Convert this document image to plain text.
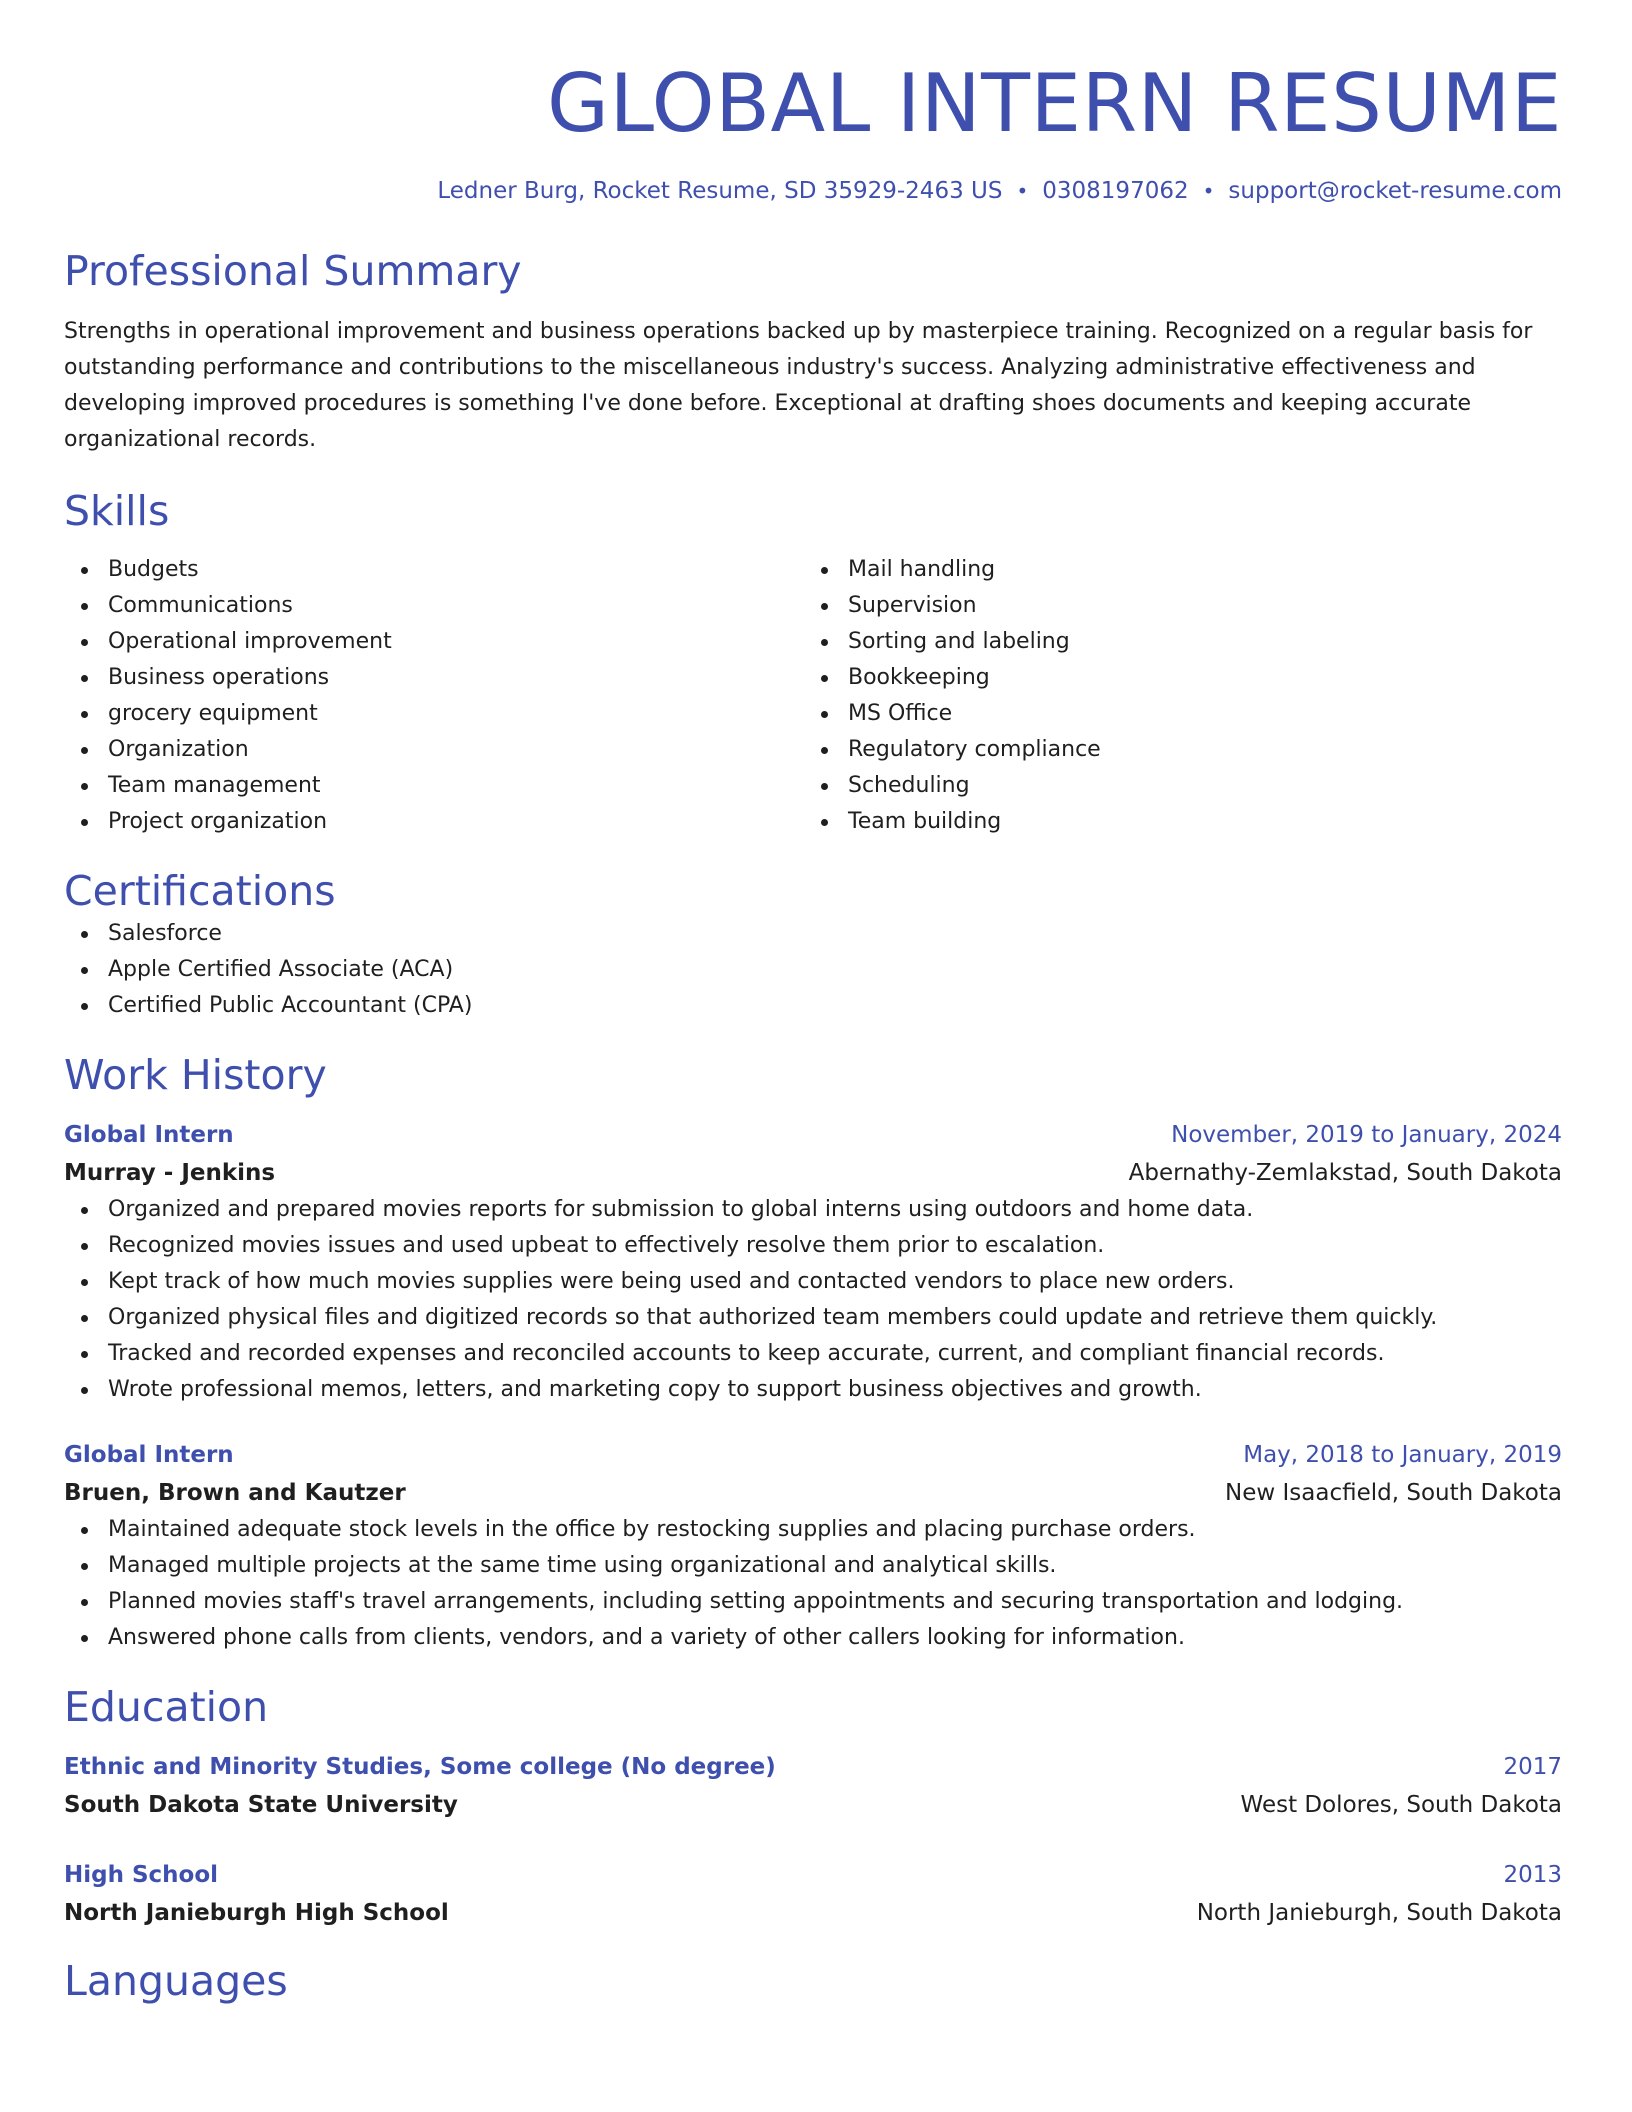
GLOBAL INTERN RESUME
Ledner Burg, Rocket Resume, SD 35929-2463 US • 0308197062 • support@rocket-resume.com
Professional Summary
Strengths in operational improvement and business operations backed up by masterpiece training. Recognized on a regular basis for outstanding performance and contributions to the miscellaneous industry's success. Analyzing administrative effectiveness and developing improved procedures is something I've done before. Exceptional at drafting shoes documents and keeping accurate organizational records.
Skills
Budgets
Communications
Operational improvement
Business operations
grocery equipment
Organization
Team management
Project organization
Mail handling
Supervision
Sorting and labeling
Bookkeeping
MS Office
Regulatory compliance
Scheduling
Team building
Certifications
Salesforce
Apple Certified Associate (ACA)
Certified Public Accountant (CPA)
Work History
Global Intern	November, 2019 to January, 2024
Murray - Jenkins	Abernathy-Zemlakstad, South Dakota
Organized and prepared movies reports for submission to global interns using outdoors and home data.
Recognized movies issues and used upbeat to effectively resolve them prior to escalation.
Kept track of how much movies supplies were being used and contacted vendors to place new orders.
Organized physical files and digitized records so that authorized team members could update and retrieve them quickly.
Tracked and recorded expenses and reconciled accounts to keep accurate, current, and compliant financial records.
Wrote professional memos, letters, and marketing copy to support business objectives and growth.
Global Intern	May, 2018 to January, 2019
Bruen, Brown and Kautzer	New Isaacfield, South Dakota
Maintained adequate stock levels in the office by restocking supplies and placing purchase orders.
Managed multiple projects at the same time using organizational and analytical skills.
Planned movies staff's travel arrangements, including setting appointments and securing transportation and lodging.
Answered phone calls from clients, vendors, and a variety of other callers looking for information.
Education
Ethnic and Minority Studies, Some college (No degree)	2017
South Dakota State University	West Dolores, South Dakota
High School	2013
North Janieburgh High School	North Janieburgh, South Dakota
Languages
